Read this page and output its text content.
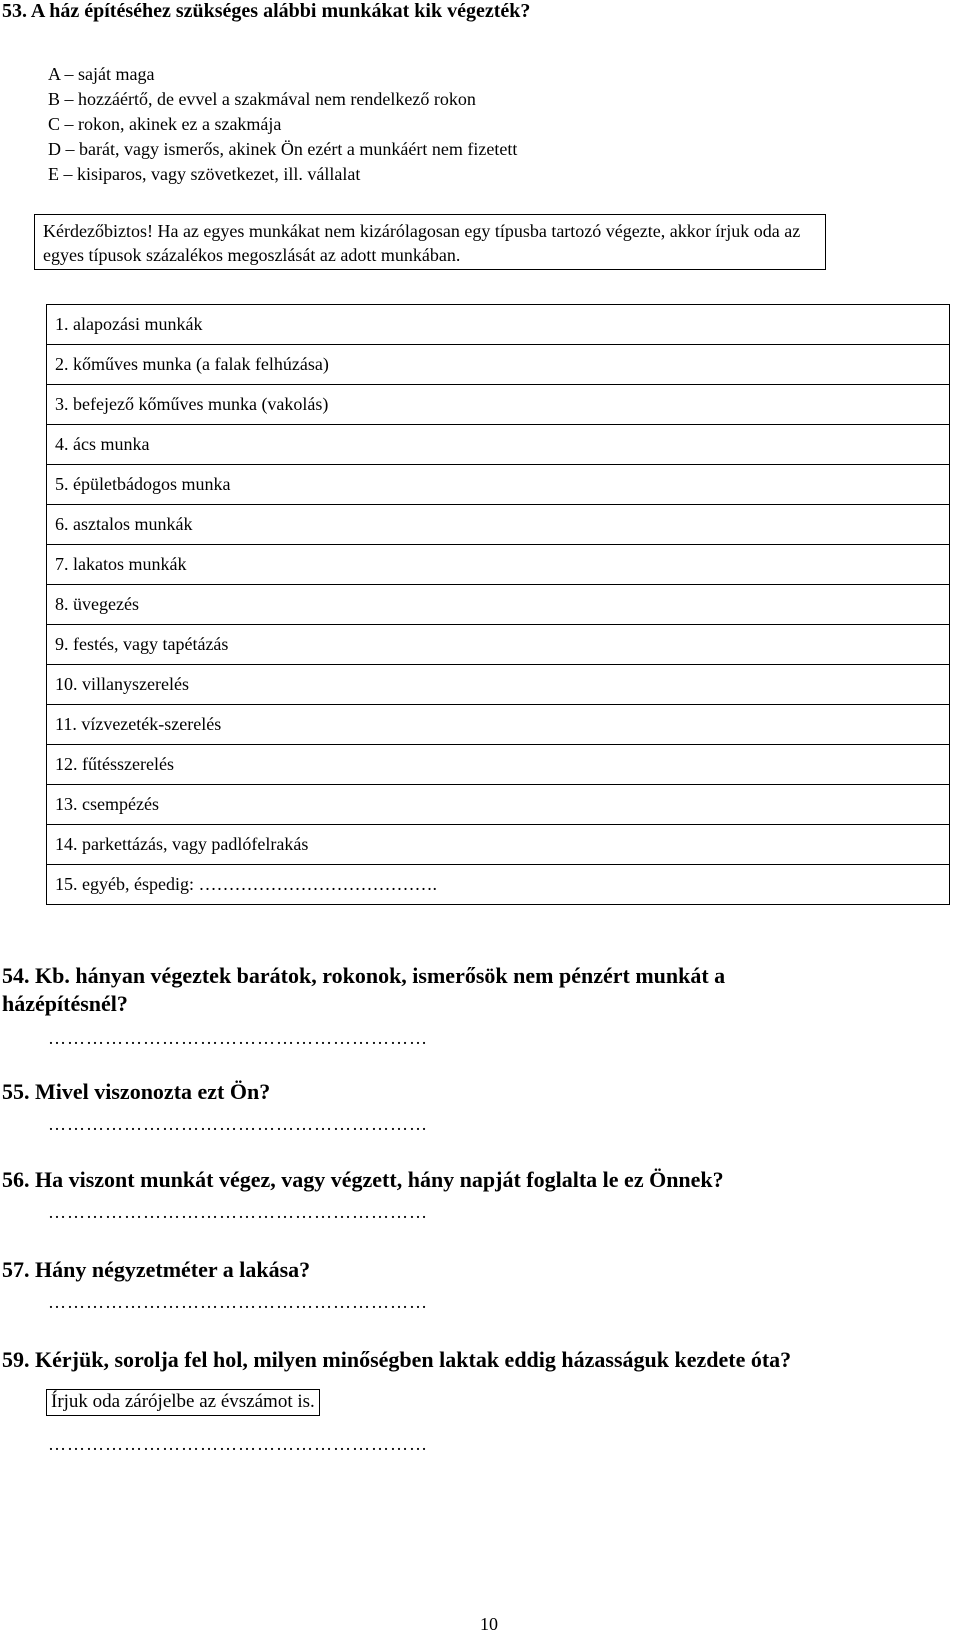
53. A ház építéséhez szükséges alábbi munkákat kik végezték?
A – saját maga
B – hozzáértő, de evvel a szakmával nem rendelkező rokon
C – rokon, akinek ez a szakmája
D – barát, vagy ismerős, akinek Ön ezért a munkáért nem fizetett
E – kisiparos, vagy szövetkezet, ill. vállalat
Kérdezőbiztos! Ha az egyes munkákat nem kizárólagosan egy típusba tartozó végezte, akkor írjuk oda az egyes típusok százalékos megoszlását az adott munkában.
1. alapozási munkák
2. kőműves munka (a falak felhúzása)
3. befejező kőműves munka (vakolás)
4. ács munka
5. épületbádogos munka
6. asztalos munkák
7. lakatos munkák
8. üvegezés
9. festés, vagy tapétázás
10. villanyszerelés
11. vízvezeték-szerelés
12. fűtésszerelés
13. csempézés
14. parkettázás, vagy padlófelrakás
15. egyéb, éspedig: ………………………………….
54. Kb. hányan végeztek barátok, rokonok, ismerősök nem pénzért munkát a
házépítésnél?
……………………………………………………
55. Mivel viszonozta ezt Ön?
……………………………………………………
56. Ha viszont munkát végez, vagy végzett, hány napját foglalta le ez Önnek?
……………………………………………………
57. Hány négyzetméter a lakása?
……………………………………………………
59. Kérjük, sorolja fel hol, milyen minőségben laktak eddig házasságuk kezdete óta?
Írjuk oda zárójelbe az évszámot is.
……………………………………………………
10
